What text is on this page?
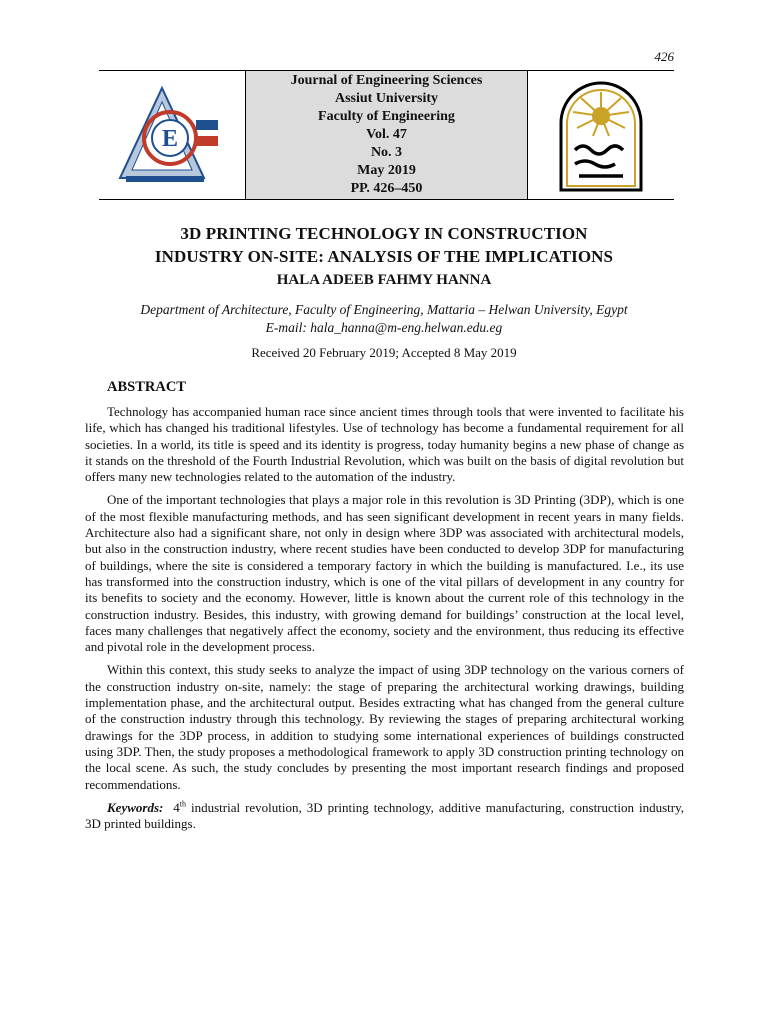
426
E
Journal of Engineering Sciences
Assiut University
Faculty of Engineering
Vol. 47
No. 3
May 2019
PP. 426–450
3D PRINTING TECHNOLOGY IN CONSTRUCTION
INDUSTRY ON-SITE: ANALYSIS OF THE IMPLICATIONS
HALA ADEEB FAHMY HANNA
Department of Architecture, Faculty of Engineering, Mattaria – Helwan University, Egypt
E-mail: hala_hanna@m-eng.helwan.edu.eg
Received 20 February 2019; Accepted 8 May 2019
ABSTRACT

Technology has accompanied human race since ancient times through tools that were invented to facilitate his life, which has changed his traditional lifestyles. Use of technology has become a fundamental requirement for all societies. In a world, its title is speed and its identity is progress, today humanity begins a new phase of change as it stands on the threshold of the Fourth Industrial Revolution, which was built on the basis of digital revolution but offers many new technologies related to the automation of the industry.

One of the important technologies that plays a major role in this revolution is 3D Printing (3DP), which is one of the most flexible manufacturing methods, and has seen significant development in recent years in many fields. Architecture also had a significant share, not only in design where 3DP was associated with architectural models, but also in the construction industry, where recent studies have been conducted to develop 3DP for manufacturing of buildings, where the site is considered a temporary factory in which the building is manufactured. I.e., its use has transformed into the construction industry, which is one of the vital pillars of development in any country for its benefits to society and the economy. However, little is known about the current role of this technology in the construction industry. Besides, this industry, with growing demand for buildings’ construction at the local level, faces many challenges that negatively affect the economy, society and the environment, thus reducing its effective and pivotal role in the development process.

Within this context, this study seeks to analyze the impact of using 3DP technology on the various corners of the construction industry on-site, namely: the stage of preparing the architectural working drawings, building implementation phase, and the architectural output. Besides extracting what has changed from the general culture of the construction industry through this technology. By reviewing the stages of preparing architectural working drawings for the 3DP process, in addition to studying some international experiences of buildings constructed using 3DP. Then, the study proposes a methodological framework to apply 3D construction printing technology on the local scene. As such, the study concludes by presenting the most important research findings and proposed recommendations.

Keywords: 4th industrial revolution, 3D printing technology, additive manufacturing, construction industry, 3D printed buildings.
